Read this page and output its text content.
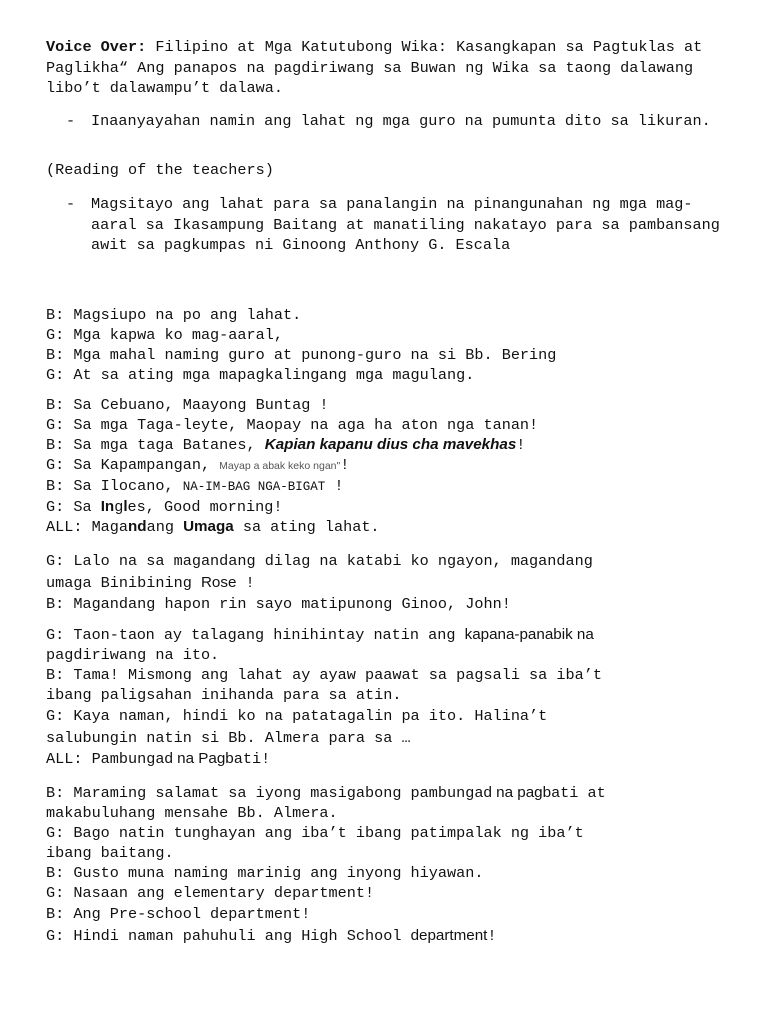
Voice Over: Filipino at Mga Katutubong Wika: Kasangkapan sa Pagtuklas at Paglikha“ Ang panapos na pagdiriwang sa Buwan ng Wika sa taong dalawang libo’t dalawampu’t dalawa.
- Inaanyayahan namin ang lahat ng mga guro na pumunta dito sa likuran.
(Reading of the teachers)
- Magsitayo ang lahat para sa panalangin na pinangunahan ng mga mag-aaral sa Ikasampung Baitang at manatiling nakatayo para sa pambansang awit sa pagkumpas ni Ginoong Anthony G. Escala
B: Magsiupo na po ang lahat.
G: Mga kapwa ko mag-aaral,
B: Mga mahal naming guro at punong-guro na si Bb. Bering
G: At sa ating mga mapagkalingang mga magulang.
B: Sa Cebuano, Maayong Buntag !
G: Sa mga Taga-leyte, Maopay na aga ha aton nga tanan!
B: Sa mga taga Batanes, Kapian kapanu dius cha mavekhas!
G: Sa Kapampangan, Mayap a abak keko ngan"!
B: Sa Ilocano, NA-IM-BAG NGA-BIGAT !
G: Sa Ingles, Good morning!
ALL: Magandang Umaga sa ating lahat.
G: Lalo na sa magandang dilag na katabi ko ngayon, magandang
umaga Binibining Rose !
B: Magandang hapon rin sayo matipunong Ginoo, John!
G: Taon-taon ay talagang hinihintay natin ang kapana-panabik na
pagdiriwang na ito.
B: Tama! Mismong ang lahat ay ayaw paawat sa pagsali sa iba’t
ibang paligsahan inihanda para sa atin.
G: Kaya naman, hindi ko na patatagalin pa ito. Halina’t
salubungin natin si Bb. Almera para sa …
ALL: Pambungad na Pagbati!
B: Maraming salamat sa iyong masigabong pambungad na pagbati at
makabuluhang mensahe Bb. Almera.
G: Bago natin tunghayan ang iba’t ibang patimpalak ng iba’t
ibang baitang.
B: Gusto muna naming marinig ang inyong hiyawan.
G: Nasaan ang elementary department!
B: Ang Pre-school department!
G: Hindi naman pahuhuli ang High School department!
